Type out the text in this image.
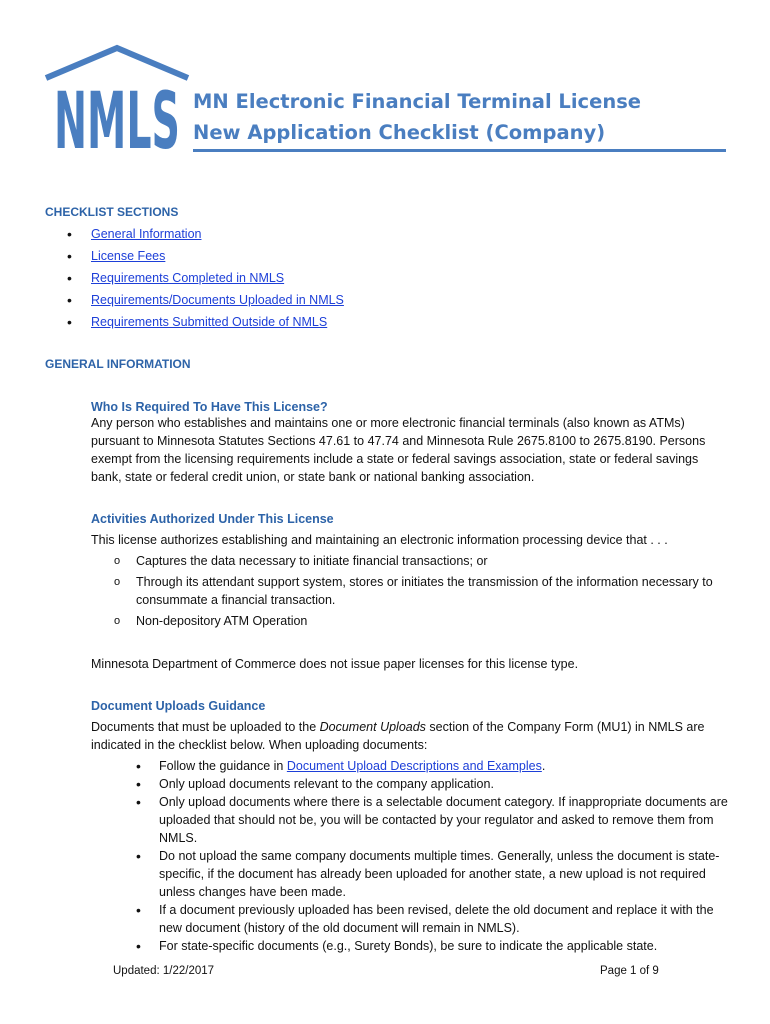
NMLS MN Electronic Financial Terminal License
New Application Checklist (Company)
CHECKLIST SECTIONS
• General Information
• License Fees
• Requirements Completed in NMLS
• Requirements/Documents Uploaded in NMLS
• Requirements Submitted Outside of NMLS
GENERAL INFORMATION
Who Is Required To Have This License?
Any person who establishes and maintains one or more electronic financial terminals (also known as ATMs) pursuant to Minnesota Statutes Sections 47.61 to 47.74 and Minnesota Rule 2675.8100 to 2675.8190. Persons exempt from the licensing requirements include a state or federal savings association, state or federal savings bank, state or federal credit union, or state bank or national banking association.
Activities Authorized Under This License
This license authorizes establishing and maintaining an electronic information processing device that . . .
o Captures the data necessary to initiate financial transactions; or
o Through its attendant support system, stores or initiates the transmission of the information necessary to consummate a financial transaction.
o Non-depository ATM Operation
Minnesota Department of Commerce does not issue paper licenses for this license type.
Document Uploads Guidance
Documents that must be uploaded to the Document Uploads section of the Company Form (MU1) in NMLS are indicated in the checklist below. When uploading documents:
• Follow the guidance in Document Upload Descriptions and Examples.
• Only upload documents relevant to the company application.
• Only upload documents where there is a selectable document category. If inappropriate documents are uploaded that should not be, you will be contacted by your regulator and asked to remove them from NMLS.
• Do not upload the same company documents multiple times. Generally, unless the document is state-specific, if the document has already been uploaded for another state, a new upload is not required unless changes have been made.
• If a document previously uploaded has been revised, delete the old document and replace it with the new document (history of the old document will remain in NMLS).
• For state-specific documents (e.g., Surety Bonds), be sure to indicate the applicable state.
Updated: 1/22/2017	Page 1 of 9
